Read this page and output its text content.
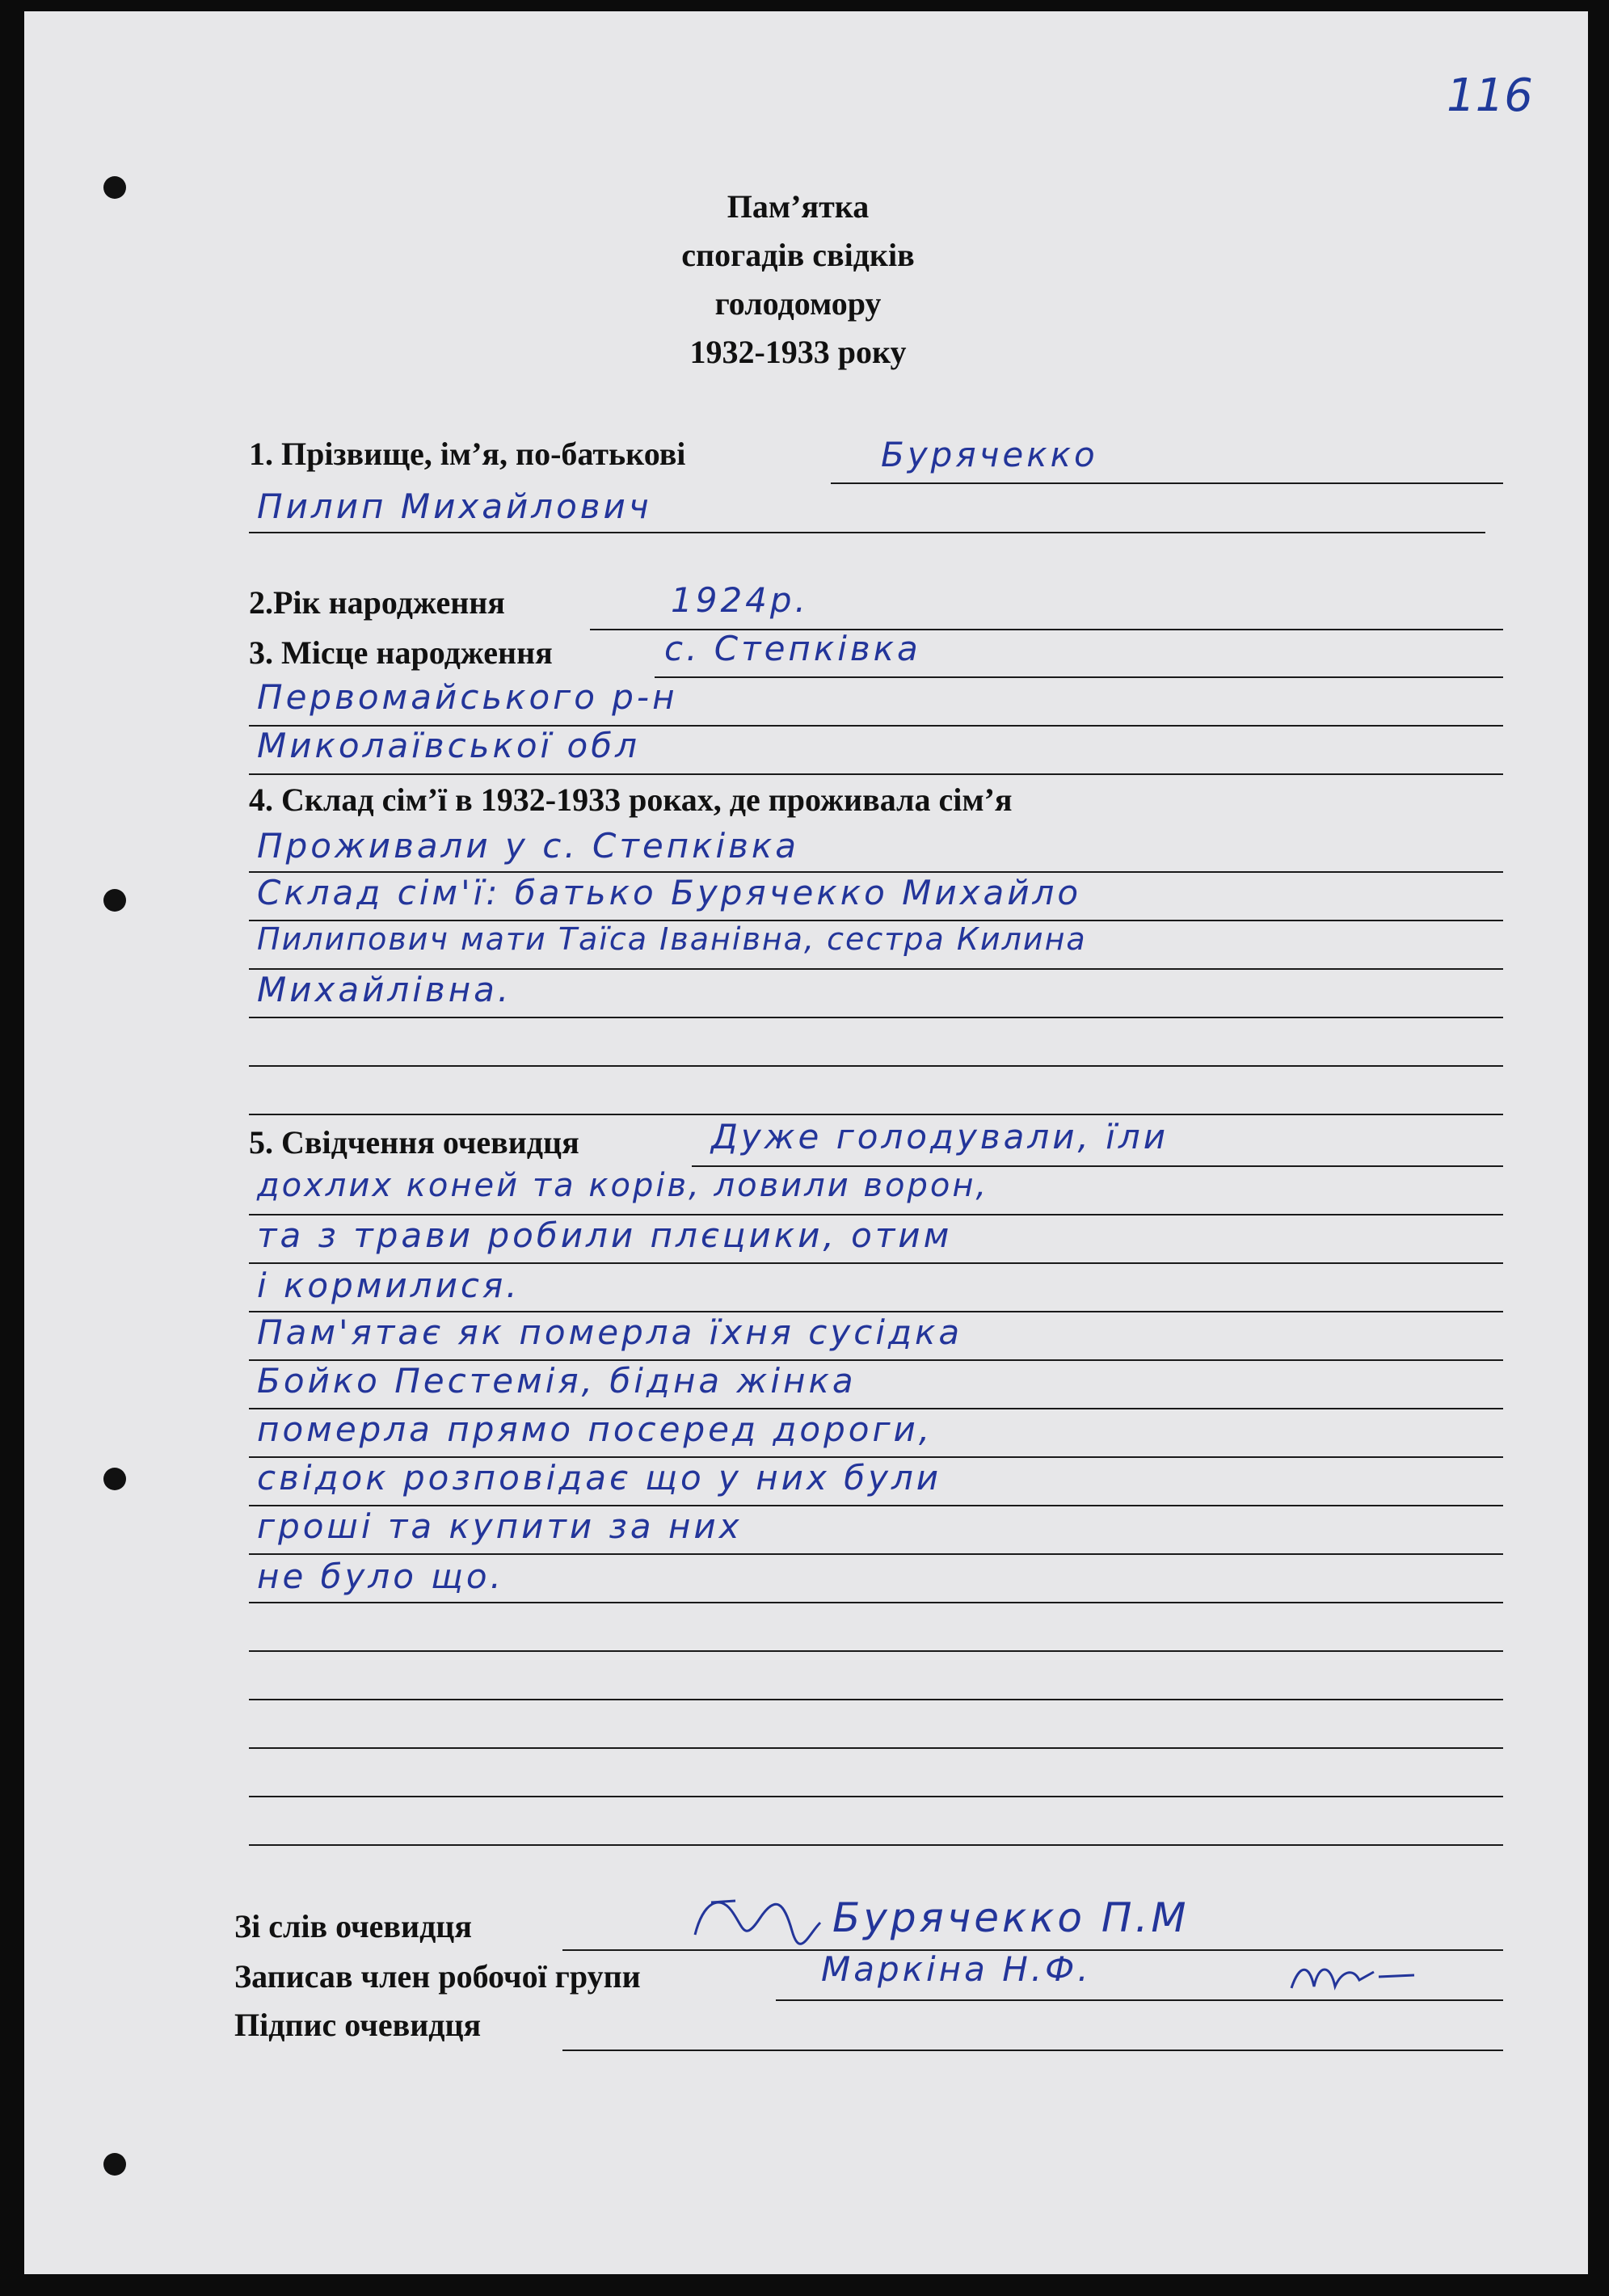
116
Пам’ятка
спогадів свідків
голодомору
1932-1933 року
1. Прізвище, ім’я, по-батькові	Бурячекко
Пилип Михайлович
2.Рік народження	1924р.
3. Місце народження	с. Степківка
Первомайського р-н
Миколаївської обл
4. Склад сім’ї в 1932-1933 роках, де проживала сім’я
Проживали у с. Степківка
Склад сім'ї: батько Бурячекко Михайло
Пилипович мати Таїса Іванівна, сестра Килина
Михайлівна.
5. Свідчення очевидця	Дуже голодували, їли
дохлих коней та корів, ловили ворон,
та з трави робили плєцики, отим
і кормилися.
Пам'ятає як померла їхня сусідка
Бойко Пестемія, бідна жінка
померла прямо посеред дороги,
свідок розповідає що у них були
гроші та купити за них
не було що.
Зі слів очевидця	Бурячекко П.М
Записав член робочої групи	Маркіна Н.Ф.
Підпис очевидця
